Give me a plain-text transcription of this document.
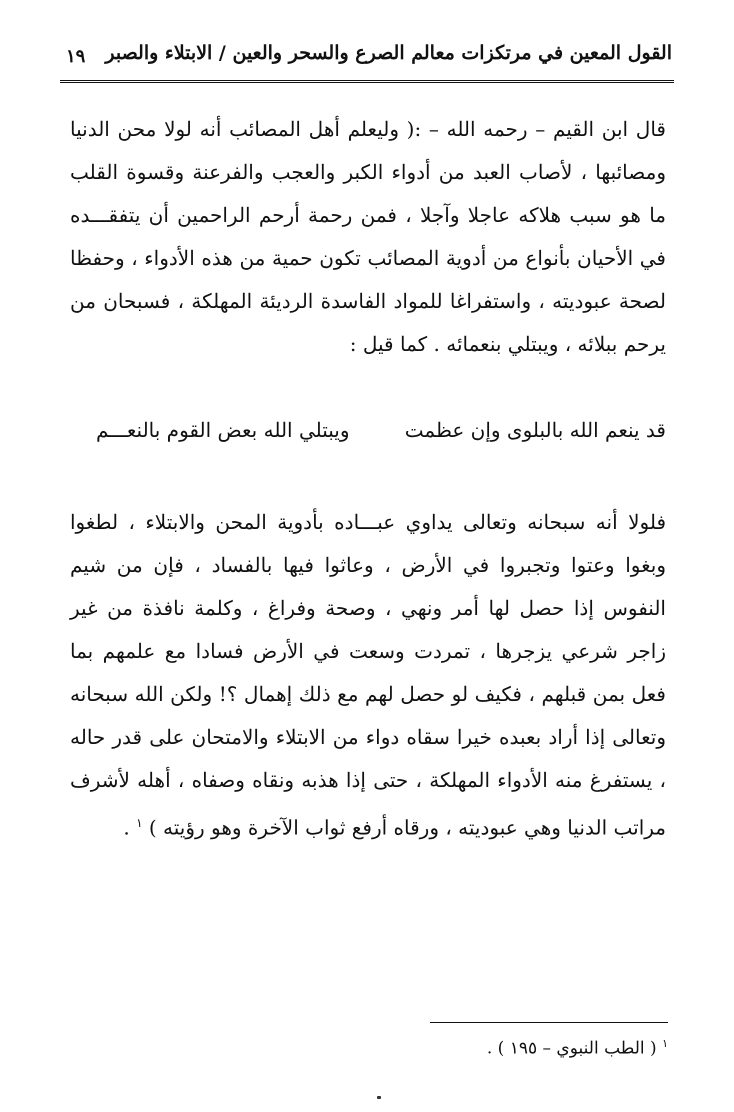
١٩ القول المعين في مرتكزات معالم الصرع والسحر والعين / الابتلاء والصبر
قال ابن القيم – رحمه الله – :( وليعلم أهل المصائب أنه لولا محن الدنيا ومصائبها ، لأصاب العبد من أدواء الكبر والعجب والفرعنة وقسوة القلب ما هو سبب هلاكه عاجلا وآجلا ، فمن رحمة أرحم الراحمين أن يتفقـــده في الأحيان بأنواع من أدوية المصائب تكون حمية من هذه الأدواء ، وحفظا لصحة عبوديته ، واستفراغا للمواد الفاسدة الرديئة المهلكة ، فسبحان من يرحم ببلائه ، ويبتلي بنعمائه . كما قيل :
قد ينعم الله بالبلوى وإن عظمت
ويبتلي الله بعض القوم بالنعـــم
فلولا أنه سبحانه وتعالى يداوي عبـــاده بأدوية المحن والابتلاء ، لطغوا وبغوا وعتوا وتجبروا في الأرض ، وعاثوا فيها بالفساد ، فإن من شيم النفوس إذا حصل لها أمر ونهي ، وصحة وفراغ ، وكلمة نافذة من غير زاجر شرعي يزجرها ، تمردت وسعت في الأرض فسادا مع علمهم بما فعل بمن قبلهم ، فكيف لو حصل لهم مع ذلك إهمال ؟! ولكن الله سبحانه وتعالى إذا أراد بعبده خيرا سقاه دواء من الابتلاء والامتحان على قدر حاله ، يستفرغ منه الأدواء المهلكة ، حتى إذا هذبه ونقاه وصفاه ، أهله لأشرف مراتب الدنيا وهي عبوديته ، ورقاه أرفع ثواب الآخرة وهو رؤيته ) $^١$ .
$^١$ ( الطب النبوي – ١٩٥ ) .
